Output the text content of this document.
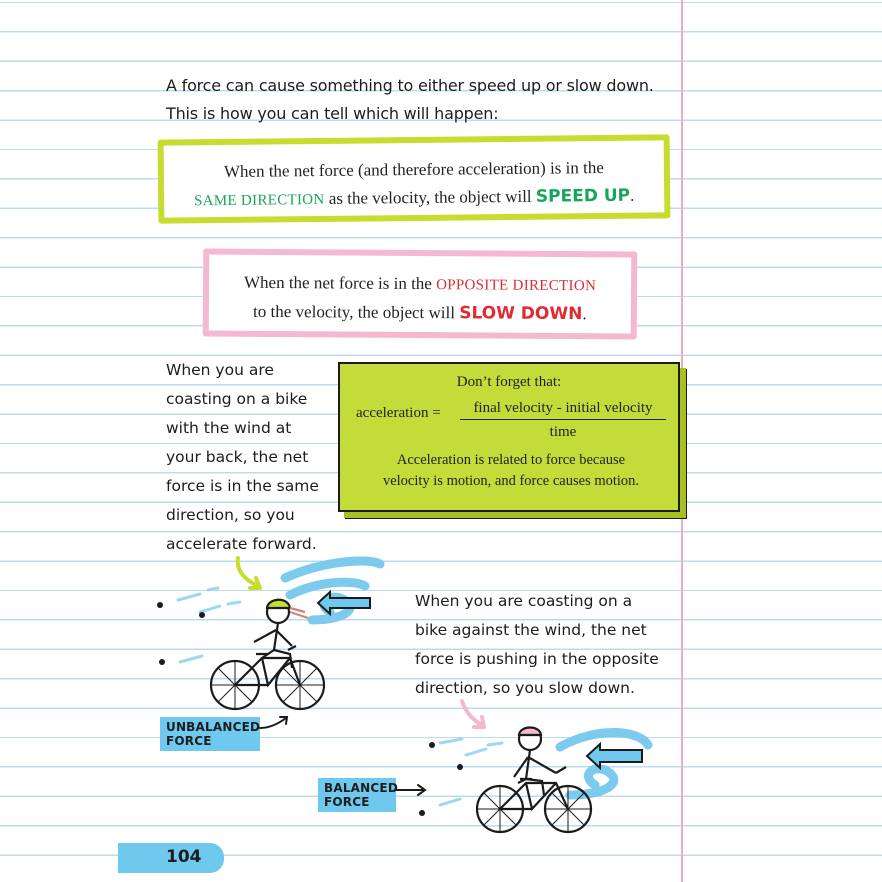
A force can cause something to either speed up or slow down.
This is how you can tell which will happen:
When the net force (and therefore acceleration) is in the
SAME DIRECTION as the velocity, the object will SPEED UP.
When the net force is in the OPPOSITE DIRECTION
to the velocity, the object will SLOW DOWN.
When you are
coasting on a bike
with the wind at
your back, the net
force is in the same
direction, so you
accelerate forward.
Don’t forget that:
acceleration =	final velocity - initial velocity
time
Acceleration is related to force because
velocity is motion, and force causes motion.
When you are coasting on a
bike against the wind, the net
force is pushing in the opposite
direction, so you slow down.
UNBALANCED
FORCE
BALANCED
FORCE
104
